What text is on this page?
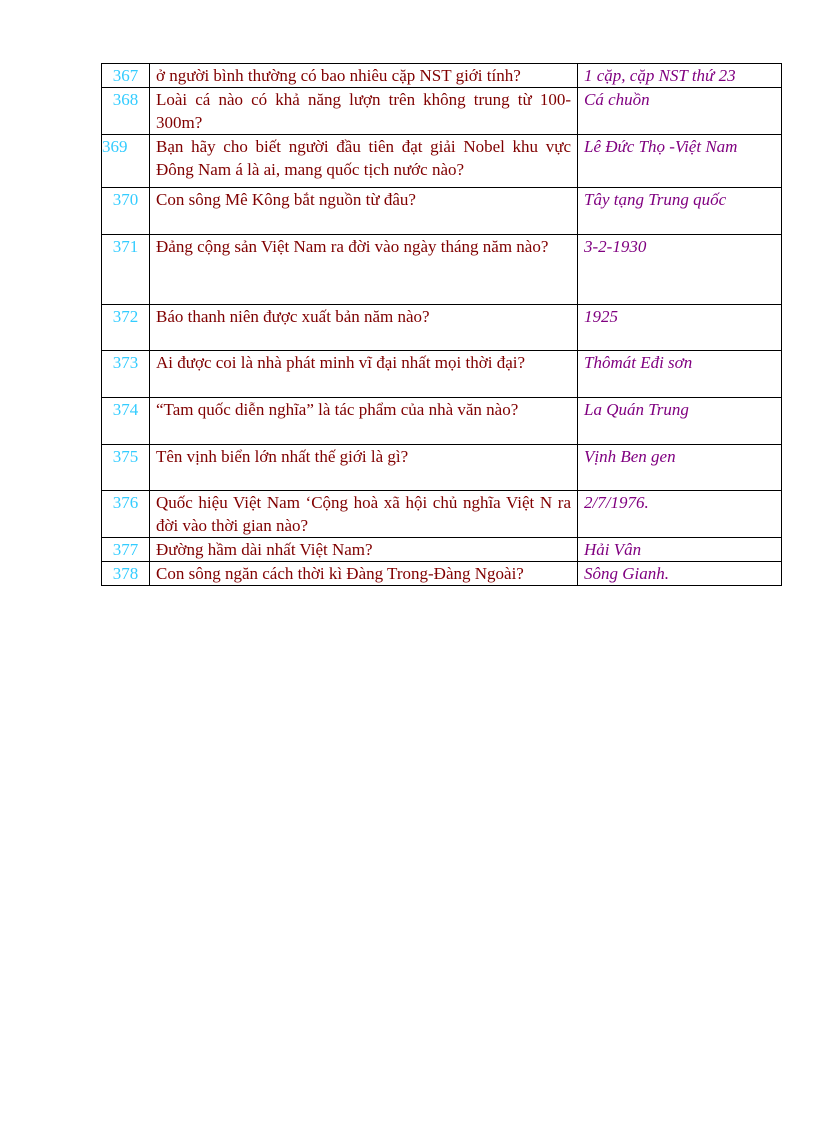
367	ở người bình thường có bao nhiêu cặp NST giới tính?	1 cặp, cặp NST thứ 23
368	Loài cá nào có khả năng lượn trên không trung từ 100-300m?	Cá chuồn
369	Bạn hãy cho biết người đầu tiên đạt giải Nobel khu vực Đông Nam á là ai, mang quốc tịch nước nào?	Lê Đức Thọ -Việt Nam
370	Con sông Mê Kông bắt nguồn từ đâu?	Tây tạng Trung quốc
371	Đảng cộng sản Việt Nam ra đời vào ngày tháng năm nào?	3-2-1930
372	Báo thanh niên được xuất bản năm nào?	1925
373	Ai được coi là nhà phát minh vĩ đại nhất mọi thời đại?	Thômát Eđi sơn
374	“Tam quốc diễn nghĩa” là tác phẩm của nhà văn nào?	La Quán Trung
375	Tên vịnh biển lớn nhất thế giới là gì?	Vịnh Ben gen
376	Quốc hiệu Việt Nam ‘Cộng hoà xã hội chủ nghĩa Việt N ra đời vào thời gian nào?	2/7/1976.
377	Đường hầm dài nhất Việt Nam?	Hải Vân
378	Con sông ngăn cách thời kì Đàng Trong-Đàng Ngoài?	Sông Gianh.
